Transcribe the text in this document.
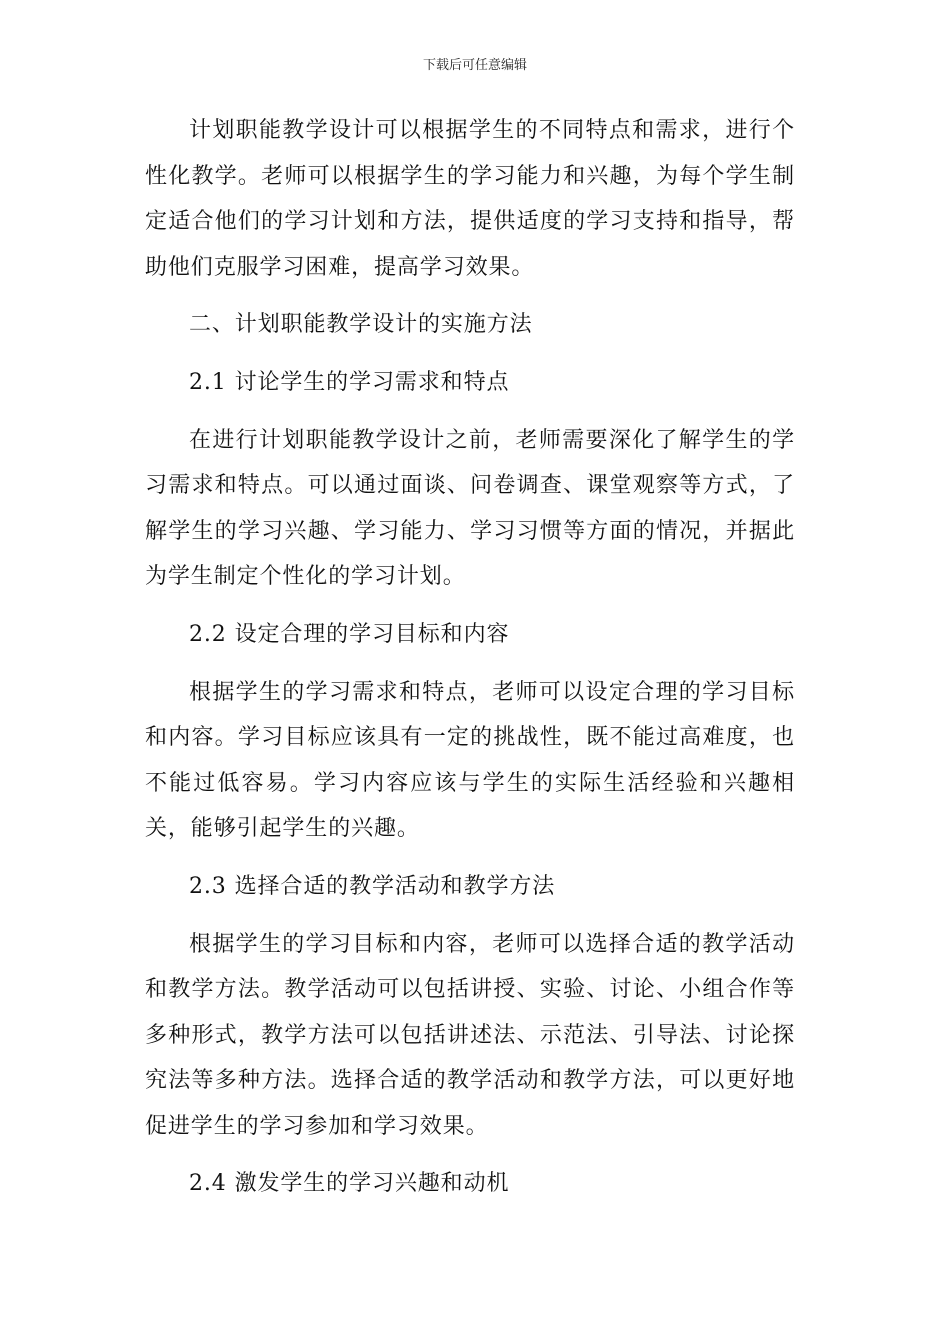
下载后可任意编辑

计划职能教学设计可以根据学生的不同特点和需求，进行个性化教学。老师可以根据学生的学习能力和兴趣，为每个学生制定适合他们的学习计划和方法，提供适度的学习支持和指导，帮助他们克服学习困难，提高学习效果。

二、计划职能教学设计的实施方法

2.1 讨论学生的学习需求和特点

在进行计划职能教学设计之前，老师需要深化了解学生的学习需求和特点。可以通过面谈、问卷调查、课堂观察等方式，了解学生的学习兴趣、学习能力、学习习惯等方面的情况，并据此为学生制定个性化的学习计划。

2.2 设定合理的学习目标和内容

根据学生的学习需求和特点，老师可以设定合理的学习目标和内容。学习目标应该具有一定的挑战性，既不能过高难度，也不能过低容易。学习内容应该与学生的实际生活经验和兴趣相关，能够引起学生的兴趣。

2.3 选择合适的教学活动和教学方法

根据学生的学习目标和内容，老师可以选择合适的教学活动和教学方法。教学活动可以包括讲授、实验、讨论、小组合作等多种形式，教学方法可以包括讲述法、示范法、引导法、讨论探究法等多种方法。选择合适的教学活动和教学方法，可以更好地促进学生的学习参加和学习效果。

2.4 激发学生的学习兴趣和动机
